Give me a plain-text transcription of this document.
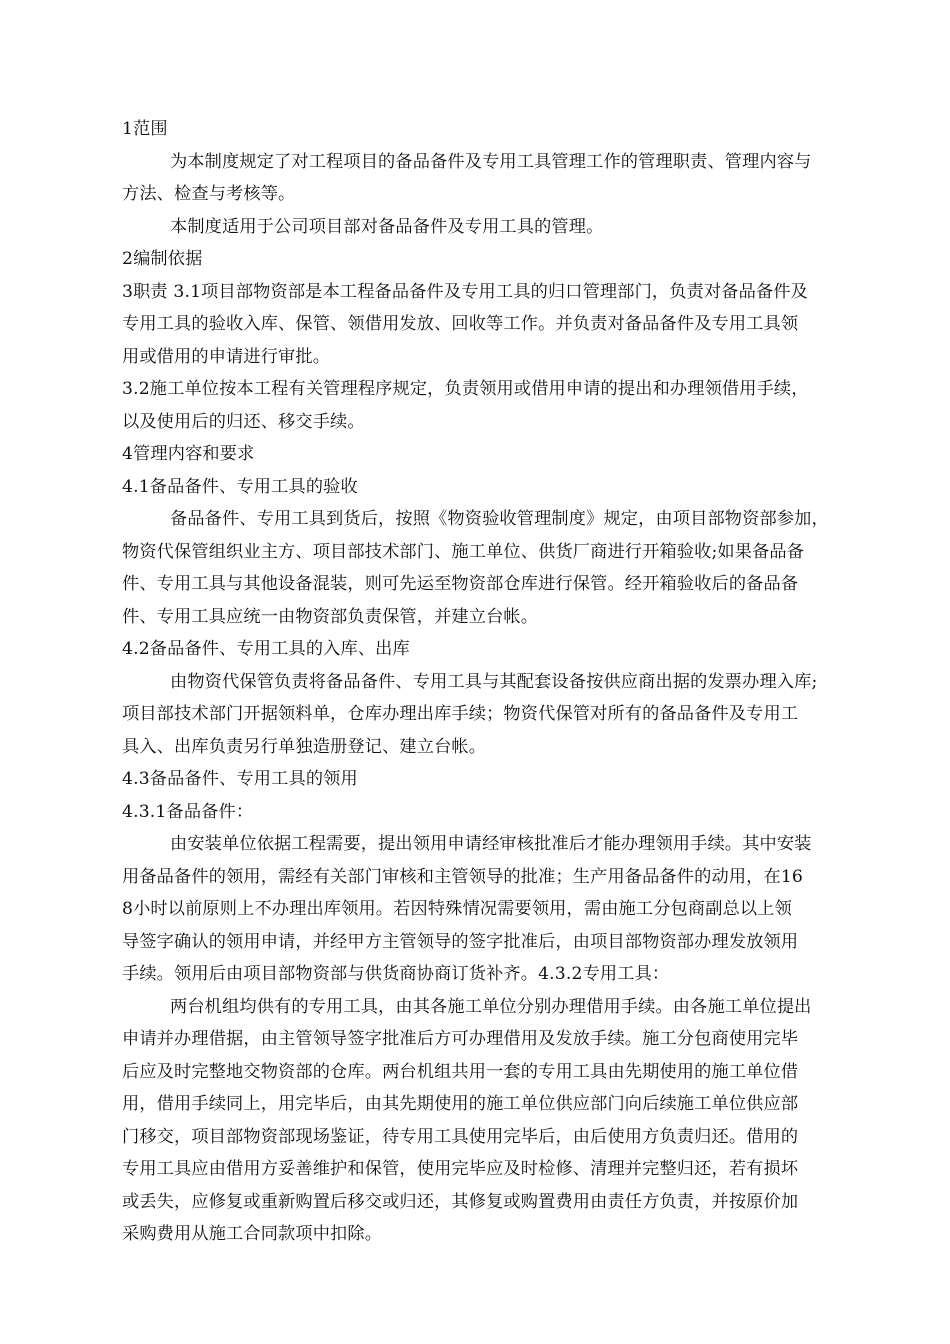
1范围
为本制度规定了对工程项目的备品备件及专用工具管理工作的管理职责、管理内容与
方法、检查与考核等。
本制度适用于公司项目部对备品备件及专用工具的管理。
2编制依据
3职责 3.1项目部物资部是本工程备品备件及专用工具的归口管理部门，负责对备品备件及
专用工具的验收入库、保管、领借用发放、回收等工作。并负责对备品备件及专用工具领
用或借用的申请进行审批。
3.2施工单位按本工程有关管理程序规定，负责领用或借用申请的提出和办理领借用手续，
以及使用后的归还、移交手续。
4管理内容和要求
4.1备品备件、专用工具的验收
备品备件、专用工具到货后，按照《物资验收管理制度》规定，由项目部物资部参加，
物资代保管组织业主方、项目部技术部门、施工单位、供货厂商进行开箱验收;如果备品备
件、专用工具与其他设备混装，则可先运至物资部仓库进行保管。经开箱验收后的备品备
件、专用工具应统一由物资部负责保管，并建立台帐。
4.2备品备件、专用工具的入库、出库
由物资代保管负责将备品备件、专用工具与其配套设备按供应商出据的发票办理入库;
项目部技术部门开据领料单，仓库办理出库手续；物资代保管对所有的备品备件及专用工
具入、出库负责另行单独造册登记、建立台帐。
4.3备品备件、专用工具的领用
4.3.1备品备件：
由安装单位依据工程需要，提出领用申请经审核批准后才能办理领用手续。其中安装
用备品备件的领用，需经有关部门审核和主管领导的批准；生产用备品备件的动用，在16
8小时以前原则上不办理出库领用。若因特殊情况需要领用，需由施工分包商副总以上领
导签字确认的领用申请，并经甲方主管领导的签字批准后，由项目部物资部办理发放领用
手续。领用后由项目部物资部与供货商协商订货补齐。4.3.2专用工具：
两台机组均供有的专用工具，由其各施工单位分别办理借用手续。由各施工单位提出
申请并办理借据，由主管领导签字批准后方可办理借用及发放手续。施工分包商使用完毕
后应及时完整地交物资部的仓库。两台机组共用一套的专用工具由先期使用的施工单位借
用，借用手续同上，用完毕后，由其先期使用的施工单位供应部门向后续施工单位供应部
门移交，项目部物资部现场鉴证，待专用工具使用完毕后，由后使用方负责归还。借用的
专用工具应由借用方妥善维护和保管，使用完毕应及时检修、清理并完整归还，若有损坏
或丢失，应修复或重新购置后移交或归还，其修复或购置费用由责任方负责，并按原价加
采购费用从施工合同款项中扣除。
